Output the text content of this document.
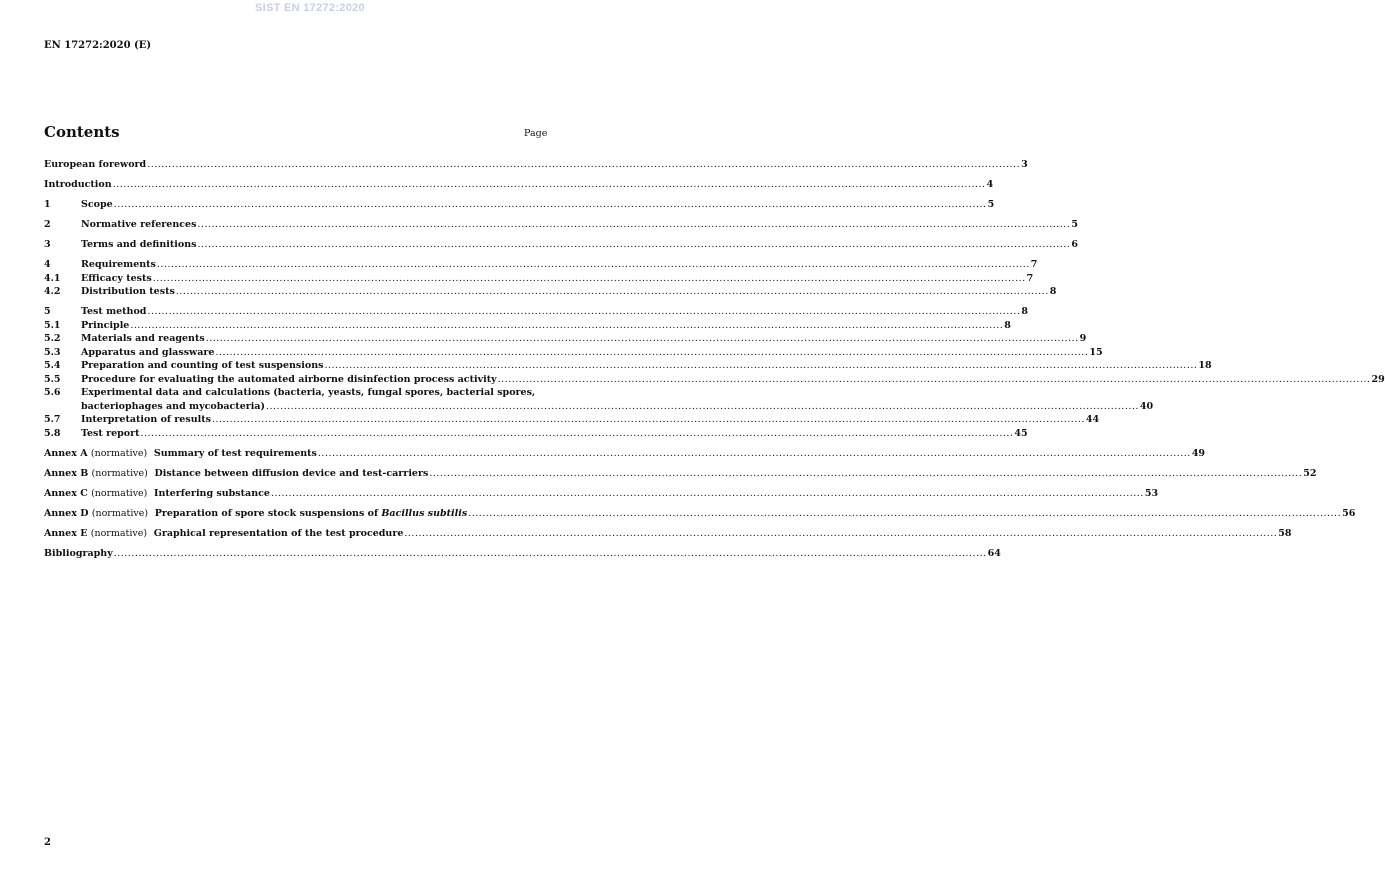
SIST EN 17272:2020
EN 17272:2020 (E)
Contents	Page
European foreword .....	3
Introduction .....	4
1	Scope .....	5
2	Normative references .....	5
3	Terms and definitions .....	6
4	Requirements .....	7
4.1	Efficacy tests .....	7
4.2	Distribution tests .....	8
5	Test method .....	8
5.1	Principle .....	8
5.2	Materials and reagents .....	9
5.3	Apparatus and glassware .....	15
5.4	Preparation and counting of test suspensions .....	18
5.5	Procedure for evaluating the automated airborne disinfection process activity .....	29
5.6	Experimental data and calculations (bacteria, yeasts, fungal spores, bacterial spores,
bacteriophages and mycobacteria) .....	40
5.7	Interpretation of results .....	44
5.8	Test report .....	45
Annex A (normative) Summary of test requirements .....	49
Annex B (normative) Distance between diffusion device and test-carriers .....	52
Annex C (normative) Interfering substance .....	53
Annex D (normative) Preparation of spore stock suspensions of Bacillus subtilis .....	56
Annex E (normative) Graphical representation of the test procedure .....	58
Bibliography .....	64
2
